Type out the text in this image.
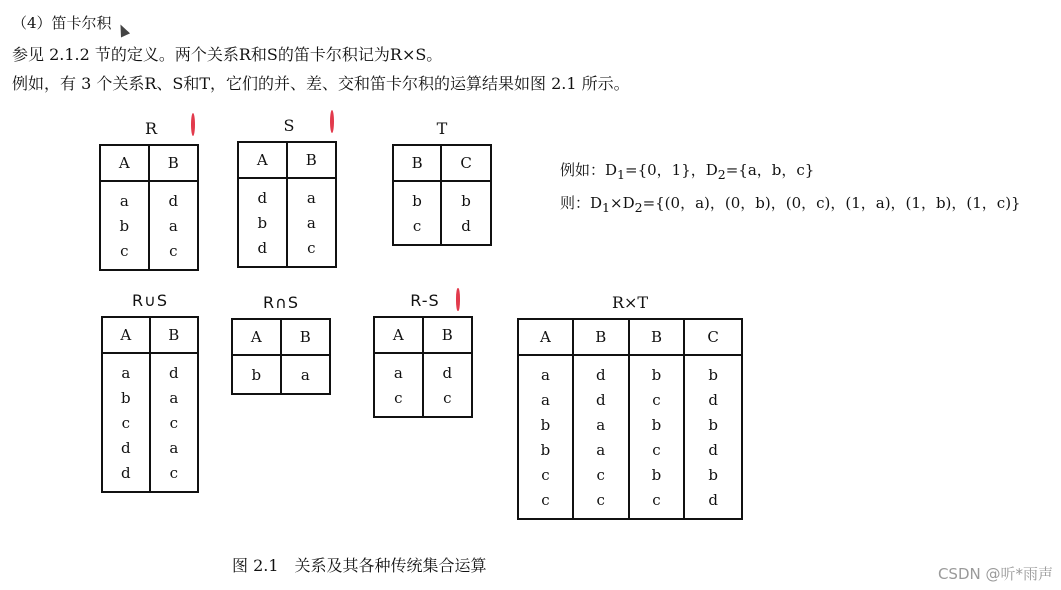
（4）笛卡尔积
参见 2.1.2 节的定义。两个关系R和S的笛卡尔积记为R×S。
例如，有 3 个关系R、S和T，它们的并、差、交和笛卡尔积的运算结果如图 2.1 所示。
R
A	B
a	d
b	a
c	c
S
A	B
d	a
b	a
d	c
T
B	C
b	b
c	d
例如：$D_1=\{0$，1}，$D_2=\{a$，b，c}
则：$D_1\times D_2=\{(0$，a)，(0，b)，(0，c)，(1，a)，(1，b)，(1，c)}
R∪S
A	B
a	d
b	a
c	c
d	a
d	c
R∩S
A	B
b	a
R-S
A	B
a	d
c	c
R×T
A	B	B	C
a	d	b	b
a	d	c	d
b	a	b	b
b	a	c	d
c	c	b	b
c	c	c	d
图 2.1　关系及其各种传统集合运算	CSDN @听*雨声
